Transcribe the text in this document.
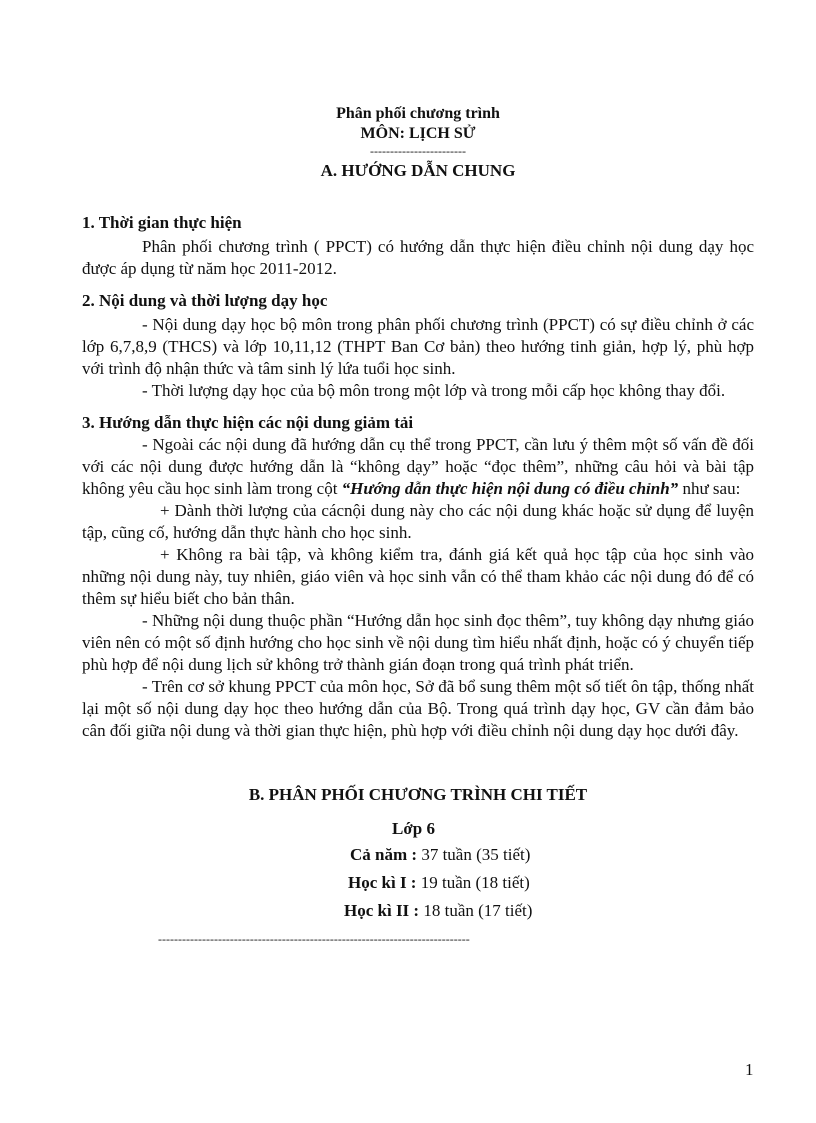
Phân phối chương trình
MÔN: LỊCH SỬ
------------------------
A. HƯỚNG DẪN CHUNG
1. Thời gian thực hiện

Phân phối chương trình ( PPCT) có hướng dẫn thực hiện điều chỉnh nội dung dạy học được áp dụng từ năm học 2011-2012.

2. Nội dung và thời lượng dạy học

- Nội dung dạy học bộ môn trong phân phối chương trình (PPCT) có sự điều chỉnh ở các lớp 6,7,8,9 (THCS) và lớp 10,11,12 (THPT Ban Cơ bản) theo hướng tinh giản, hợp lý, phù hợp với trình độ nhận thức và tâm sinh lý lứa tuổi học sinh.

- Thời lượng dạy học của bộ môn trong một lớp và trong mỗi cấp học không thay đổi.

3. Hướng dẫn thực hiện các nội dung giảm tải

- Ngoài các nội dung đã hướng dẫn cụ thể trong PPCT, cần lưu ý thêm một số vấn đề đối với các nội dung được hướng dẫn là “không dạy” hoặc “đọc thêm”, những câu hỏi và bài tập không yêu cầu học sinh làm trong cột “Hướng dẫn thực hiện nội dung có điều chỉnh” như sau:

+ Dành thời lượng của cácnội dung này cho các nội dung khác hoặc sử dụng để luyện tập, cũng cố, hướng dẫn thực hành cho học sinh.

+ Không ra bài tập, và không kiểm tra, đánh giá kết quả học tập của học sinh vào những nội dung này, tuy nhiên, giáo viên và học sinh vẫn có thể tham khảo các nội dung đó để có thêm sự hiểu biết cho bản thân.

- Những nội dung thuộc phần “Hướng dẫn học sinh đọc thêm”, tuy không dạy nhưng giáo viên nên có một số định hướng cho học sinh về nội dung tìm hiểu nhất định, hoặc có ý chuyển tiếp phù hợp để nội dung lịch sử không trở thành gián đoạn trong quá trình phát triển.

- Trên cơ sở khung PPCT của môn học, Sở đã bổ sung thêm một số tiết ôn tập, thống nhất lại một số nội dung dạy học theo hướng dẫn của Bộ. Trong quá trình dạy học, GV cần đảm bảo cân đối giữa nội dung và thời gian thực hiện, phù hợp với điều chỉnh nội dung dạy học dưới đây.

B. PHÂN PHỐI CHƯƠNG TRÌNH CHI TIẾT
Lớp 6
Cả năm : 37 tuần (35 tiết)
Học kì I : 19 tuần (18 tiết)
Học kì II : 18 tuần (17 tiết)
------------------------------------------------------------------------------
1
